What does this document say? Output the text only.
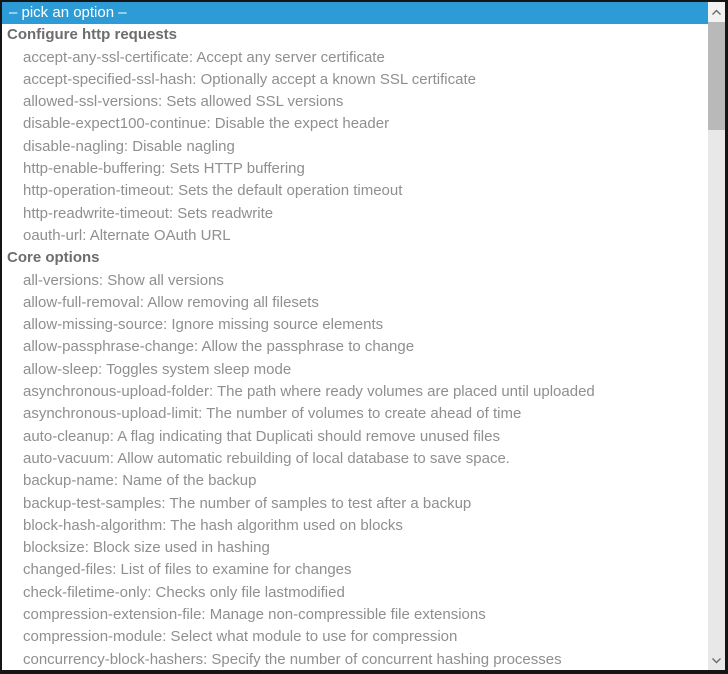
– pick an option –
Configure http requests
accept-any-ssl-certificate: Accept any server certificate
accept-specified-ssl-hash: Optionally accept a known SSL certificate
allowed-ssl-versions: Sets allowed SSL versions
disable-expect100-continue: Disable the expect header
disable-nagling: Disable nagling
http-enable-buffering: Sets HTTP buffering
http-operation-timeout: Sets the default operation timeout
http-readwrite-timeout: Sets readwrite
oauth-url: Alternate OAuth URL
Core options
all-versions: Show all versions
allow-full-removal: Allow removing all filesets
allow-missing-source: Ignore missing source elements
allow-passphrase-change: Allow the passphrase to change
allow-sleep: Toggles system sleep mode
asynchronous-upload-folder: The path where ready volumes are placed until uploaded
asynchronous-upload-limit: The number of volumes to create ahead of time
auto-cleanup: A flag indicating that Duplicati should remove unused files
auto-vacuum: Allow automatic rebuilding of local database to save space.
backup-name: Name of the backup
backup-test-samples: The number of samples to test after a backup
block-hash-algorithm: The hash algorithm used on blocks
blocksize: Block size used in hashing
changed-files: List of files to examine for changes
check-filetime-only: Checks only file lastmodified
compression-extension-file: Manage non-compressible file extensions
compression-module: Select what module to use for compression
concurrency-block-hashers: Specify the number of concurrent hashing processes
